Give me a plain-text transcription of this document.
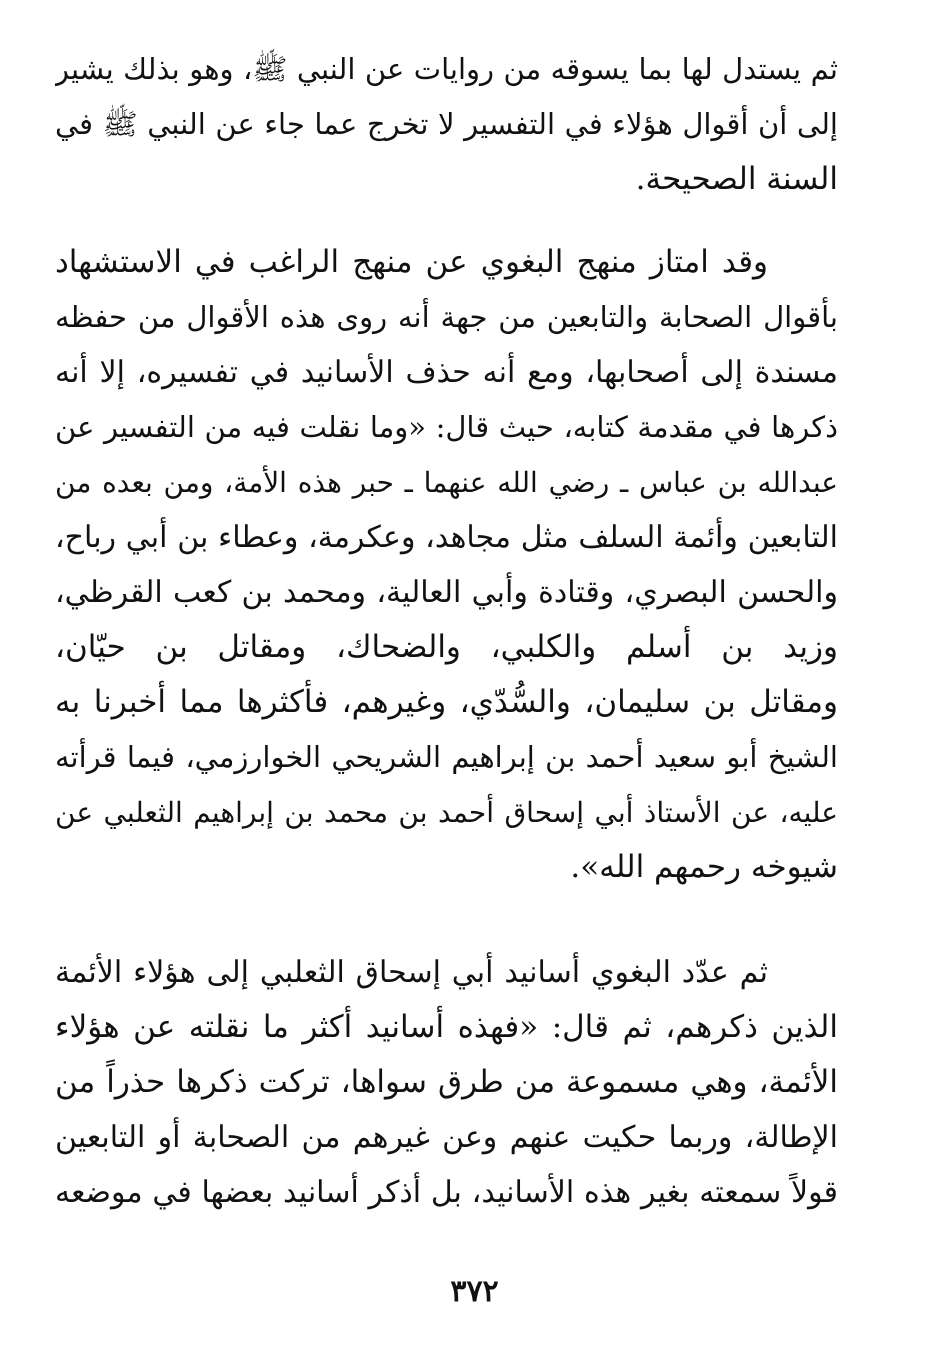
ثم يستدل لها بما يسوقه من روايات عن النبي ﷺ، وهو بذلك يشير
إلى أن أقوال هؤلاء في التفسير لا تخرج عما جاء عن النبي ﷺ في
السنة الصحيحة.
وقد امتاز منهج البغوي عن منهج الراغب في الاستشهاد
بأقوال الصحابة والتابعين من جهة أنه روى هذه الأقوال من حفظه
مسندة إلى أصحابها، ومع أنه حذف الأسانيد في تفسيره، إلا أنه
ذكرها في مقدمة كتابه، حيث قال: «وما نقلت فيه من التفسير عن
عبدالله بن عباس ـ رضي الله عنهما ـ حبر هذه الأمة، ومن بعده من
التابعين وأئمة السلف مثل مجاهد، وعكرمة، وعطاء بن أبي رباح،
والحسن البصري، وقتادة وأبي العالية، ومحمد بن كعب القرظي،
وزيد بن أسلم والكلبي، والضحاك، ومقاتل بن حيّان،
ومقاتل بن سليمان، والسُّدّي، وغيرهم، فأكثرها مما أخبرنا به
الشيخ أبو سعيد أحمد بن إبراهيم الشريحي الخوارزمي، فيما قرأته
عليه، عن الأستاذ أبي إسحاق أحمد بن محمد بن إبراهيم الثعلبي عن
شيوخه رحمهم الله».
ثم عدّد البغوي أسانيد أبي إسحاق الثعلبي إلى هؤلاء الأئمة
الذين ذكرهم، ثم قال: «فهذه أسانيد أكثر ما نقلته عن هؤلاء
الأئمة، وهي مسموعة من طرق سواها، تركت ذكرها حذراً من
الإطالة، وربما حكيت عنهم وعن غيرهم من الصحابة أو التابعين
قولاً سمعته بغير هذه الأسانيد، بل أذكر أسانيد بعضها في موضعه
٣٧٢
